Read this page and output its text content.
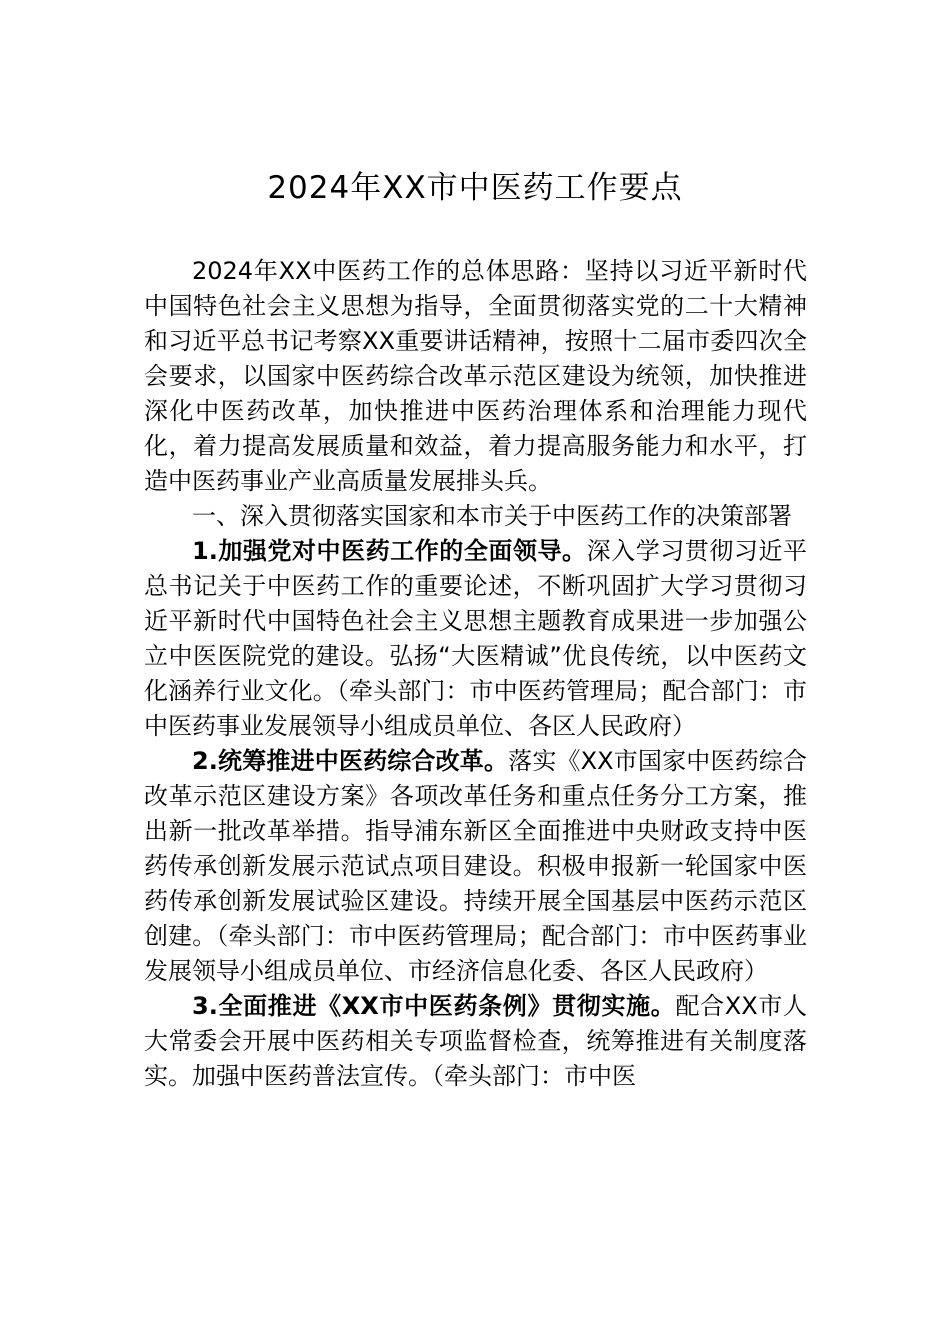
2024年XX市中医药工作要点

2024年XX中医药工作的总体思路：坚持以习近平新时代中国特色社会主义思想为指导，全面贯彻落实党的二十大精神和习近平总书记考察XX重要讲话精神，按照十二届市委四次全会要求，以国家中医药综合改革示范区建设为统领，加快推进深化中医药改革，加快推进中医药治理体系和治理能力现代化，着力提高发展质量和效益，着力提高服务能力和水平，打造中医药事业产业高质量发展排头兵。

一、深入贯彻落实国家和本市关于中医药工作的决策部署

1.加强党对中医药工作的全面领导。深入学习贯彻习近平总书记关于中医药工作的重要论述，不断巩固扩大学习贯彻习近平新时代中国特色社会主义思想主题教育成果进一步加强公立中医医院党的建设。弘扬“大医精诚”优良传统，以中医药文化涵养行业文化。（牵头部门：市中医药管理局；配合部门：市中医药事业发展领导小组成员单位、各区人民政府）

2.统筹推进中医药综合改革。落实《XX市国家中医药综合改革示范区建设方案》各项改革任务和重点任务分工方案，推出新一批改革举措。指导浦东新区全面推进中央财政支持中医药传承创新发展示范试点项目建设。积极申报新一轮国家中医药传承创新发展试验区建设。持续开展全国基层中医药示范区创建。（牵头部门：市中医药管理局；配合部门：市中医药事业发展领导小组成员单位、市经济信息化委、各区人民政府）

3.全面推进《XX市中医药条例》贯彻实施。配合XX市人大常委会开展中医药相关专项监督检查，统筹推进有关制度落实。加强中医药普法宣传。（牵头部门：市中医
